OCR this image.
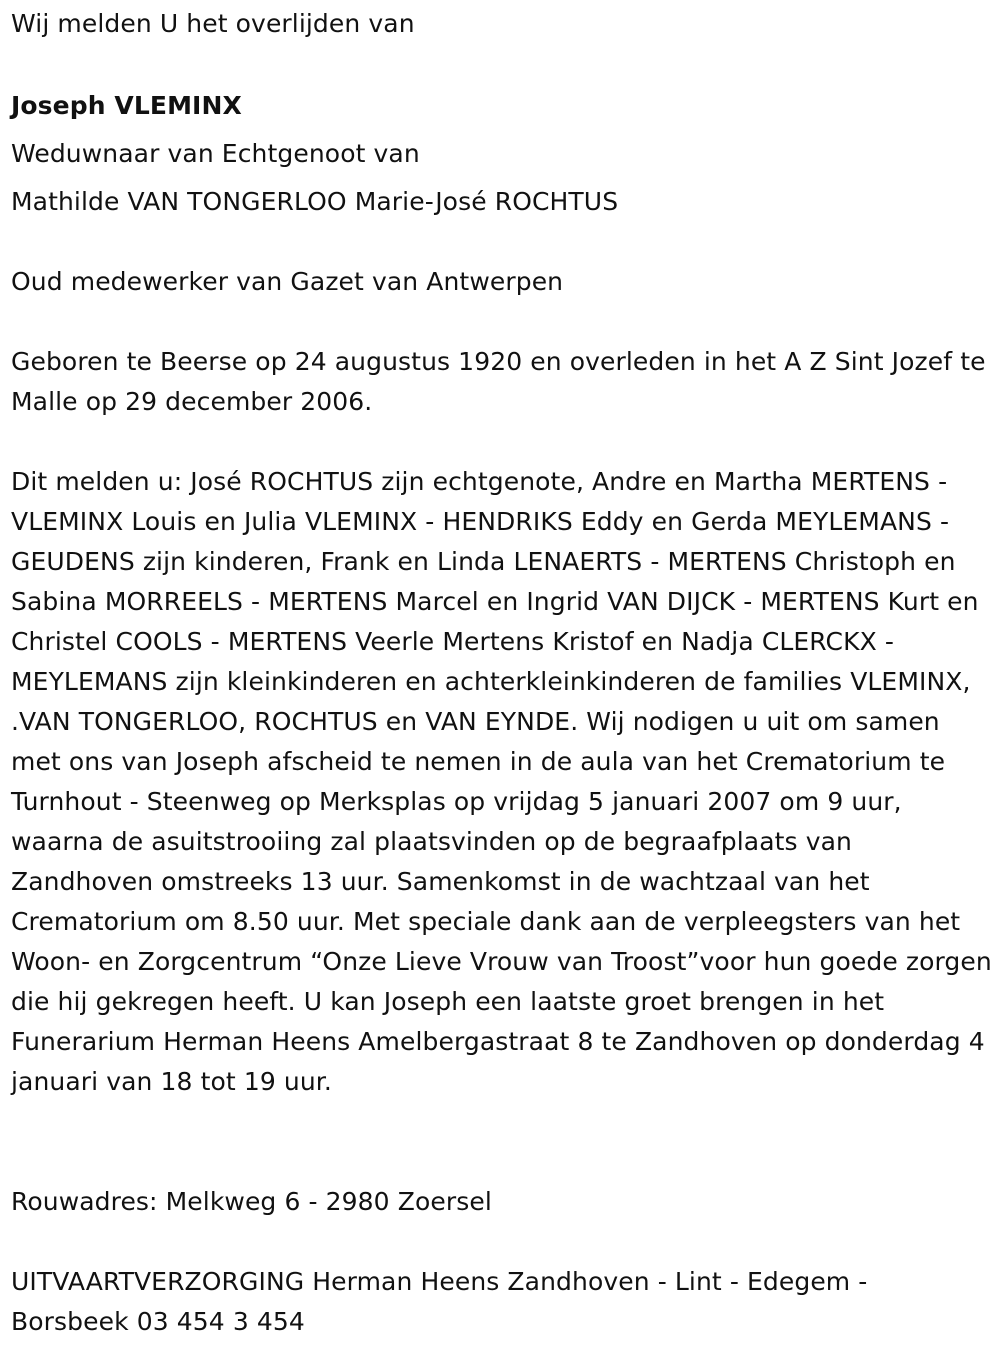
Wij melden U het overlijden van
Joseph VLEMINX
Weduwnaar van Echtgenoot van
Mathilde VAN TONGERLOO Marie-José ROCHTUS
Oud medewerker van Gazet van Antwerpen
Geboren te Beerse op 24 augustus 1920 en overleden in het A Z Sint Jozef te Malle op 29 december 2006.
Dit melden u: José ROCHTUS zijn echtgenote, Andre en Martha MERTENS - VLEMINX Louis en Julia VLEMINX - HENDRIKS Eddy en Gerda MEYLEMANS - GEUDENS zijn kinderen, Frank en Linda LENAERTS - MERTENS Christoph en Sabina MORREELS - MERTENS Marcel en Ingrid VAN DIJCK - MERTENS Kurt en Christel COOLS - MERTENS Veerle Mertens Kristof en Nadja CLERCKX - MEYLEMANS zijn kleinkinderen en achterkleinkinderen de families VLEMINX, .VAN TONGERLOO, ROCHTUS en VAN EYNDE. Wij nodigen u uit om samen met ons van Joseph afscheid te nemen in de aula van het Crematorium te Turnhout - Steenweg op Merksplas op vrijdag 5 januari 2007 om 9 uur, waarna de asuitstrooiing zal plaatsvinden op de begraafplaats van Zandhoven omstreeks 13 uur. Samenkomst in de wachtzaal van het Crematorium om 8.50 uur. Met speciale dank aan de verpleegsters van het Woon- en Zorgcentrum “Onze Lieve Vrouw van Troost”voor hun goede zorgen die hij gekregen heeft. U kan Joseph een laatste groet brengen in het Funerarium Herman Heens Amelbergastraat 8 te Zandhoven op donderdag 4 januari van 18 tot 19 uur.
Rouwadres: Melkweg 6 - 2980 Zoersel
UITVAARTVERZORGING Herman Heens Zandhoven - Lint - Edegem - Borsbeek 03 454 3 454
